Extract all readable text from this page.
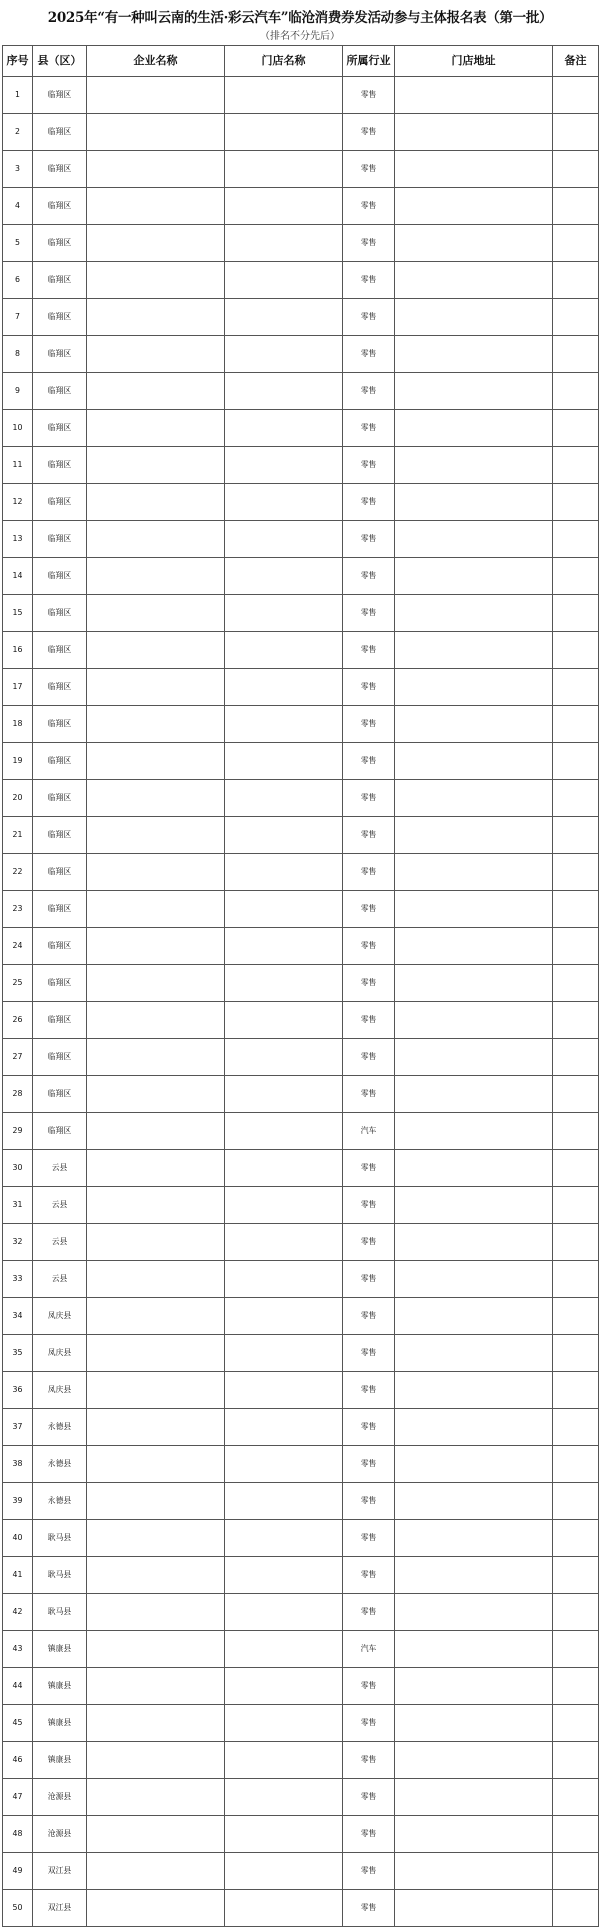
2025年“有一种叫云南的生活·彩云汽车”临沧消费券发活动参与主体报名表（第一批）
（排名不分先后）
序号	县（区）	企业名称	门店名称	所属行业	门店地址	备注
1	临翔区			零售		
2	临翔区			零售		
3	临翔区			零售		
4	临翔区			零售		
5	临翔区			零售		
6	临翔区			零售		
7	临翔区			零售		
8	临翔区			零售		
9	临翔区			零售		
10	临翔区			零售		
11	临翔区			零售		
12	临翔区			零售		
13	临翔区			零售		
14	临翔区			零售		
15	临翔区			零售		
16	临翔区			零售		
17	临翔区			零售		
18	临翔区			零售		
19	临翔区			零售		
20	临翔区			零售		
21	临翔区			零售		
22	临翔区			零售		
23	临翔区			零售		
24	临翔区			零售		
25	临翔区			零售		
26	临翔区			零售		
27	临翔区			零售		
28	临翔区			零售		
29	临翔区			汽车		
30	云县			零售		
31	云县			零售		
32	云县			零售		
33	云县			零售		
34	凤庆县			零售		
35	凤庆县			零售		
36	凤庆县			零售		
37	永德县			零售		
38	永德县			零售		
39	永德县			零售		
40	耿马县			零售		
41	耿马县			零售		
42	耿马县			零售		
43	镇康县			汽车		
44	镇康县			零售		
45	镇康县			零售		
46	镇康县			零售		
47	沧源县			零售		
48	沧源县			零售		
49	双江县			零售		
50	双江县			零售		
